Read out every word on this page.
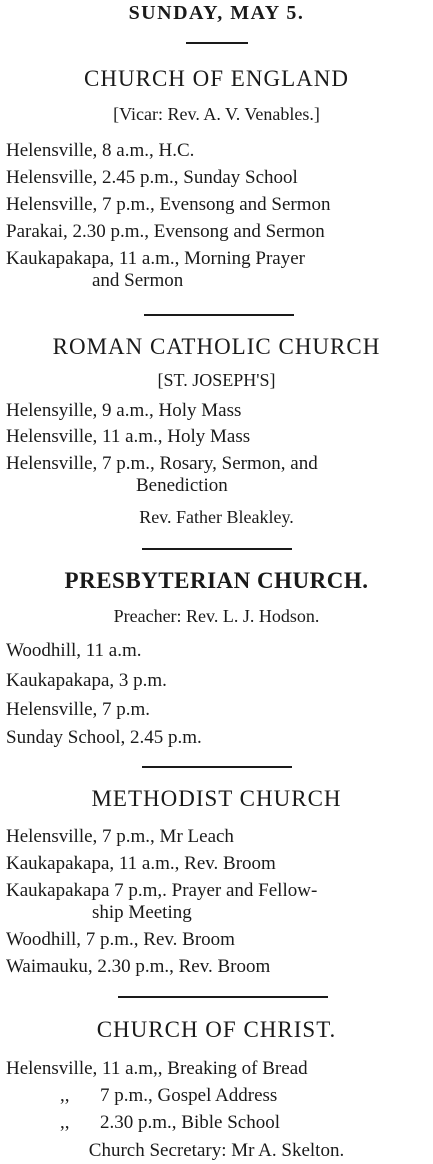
SUNDAY, MAY 5.
CHURCH OF ENGLAND
[Vicar: Rev. A. V. Venables.]
Helensville, 8 a.m., H.C.
Helensville, 2.45 p.m., Sunday School
Helensville, 7 p.m., Evensong and Sermon
Parakai, 2.30 p.m., Evensong and Sermon
Kaukapakapa, 11 a.m., Morning Prayer
and Sermon
ROMAN CATHOLIC CHURCH
[ST. JOSEPH'S]
Helensyille, 9 a.m., Holy Mass
Helensville, 11 a.m., Holy Mass
Helensville, 7 p.m., Rosary, Sermon, and
Benediction
Rev. Father Bleakley.
PRESBYTERIAN CHURCH.
Preacher: Rev. L. J. Hodson.
Woodhill, 11 a.m.
Kaukapakapa, 3 p.m.
Helensville, 7 p.m.
Sunday School, 2.45 p.m.
METHODIST CHURCH
Helensville, 7 p.m., Mr Leach
Kaukapakapa, 11 a.m., Rev. Broom
Kaukapakapa 7 p.m,. Prayer and Fellow-
ship Meeting
Woodhill, 7 p.m., Rev. Broom
Waimauku, 2.30 p.m., Rev. Broom
CHURCH OF CHRIST.
Helensville, 11 a.m,, Breaking of Bread
,, 7 p.m., Gospel Address
,, 2.30 p.m., Bible School
Church Secretary: Mr A. Skelton.
